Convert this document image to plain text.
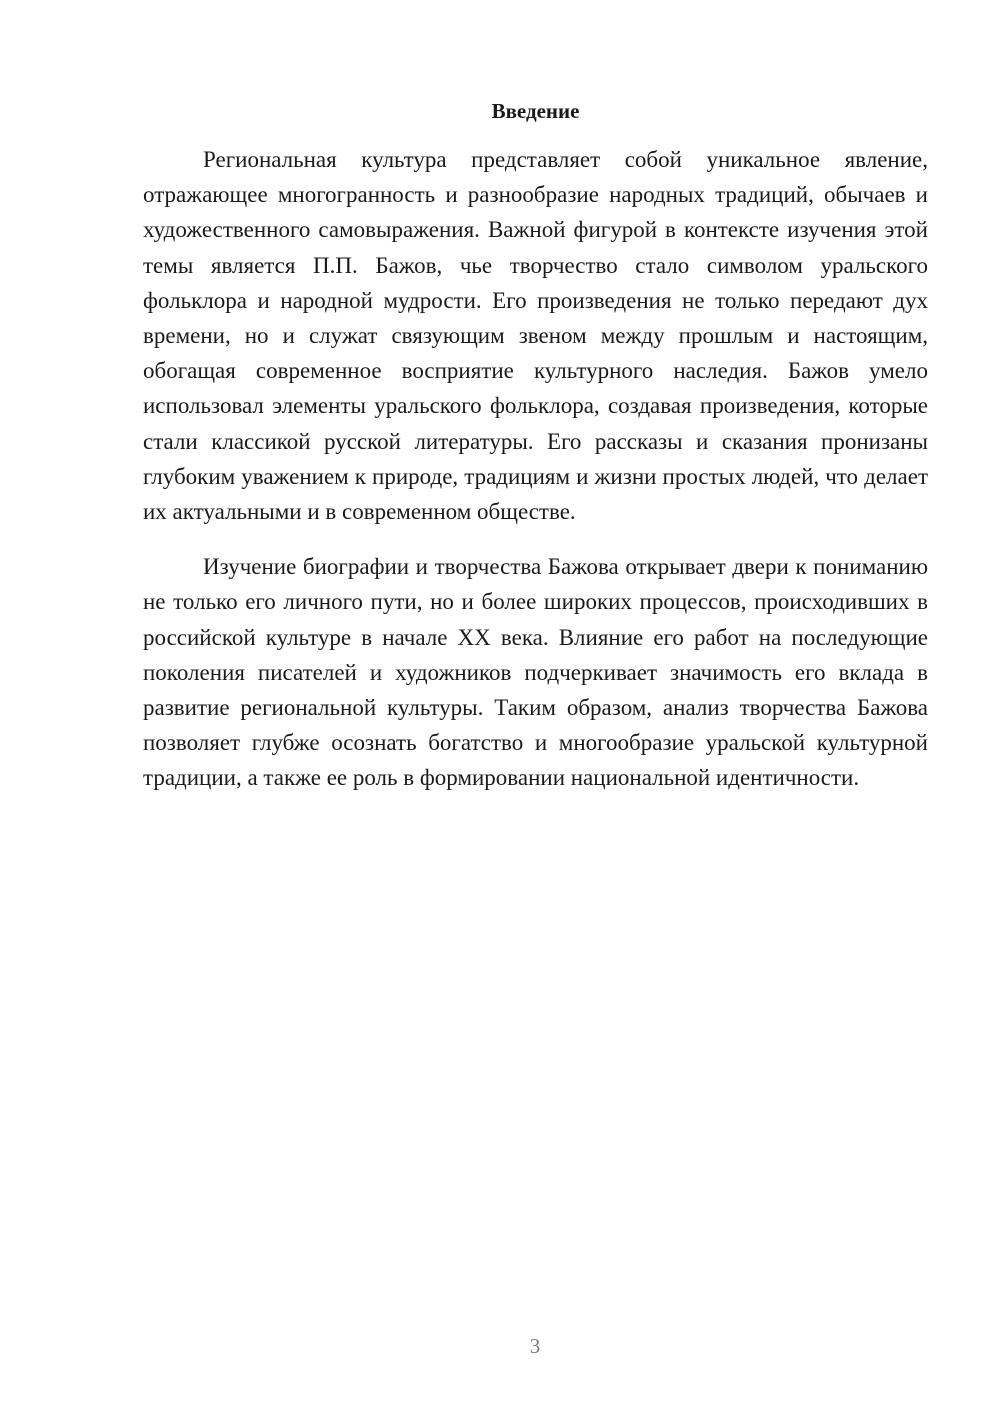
Введение

Региональная культура представляет собой уникальное явление, отражающее многогранность и разнообразие народных традиций, обычаев и художественного самовыражения. Важной фигурой в контексте изучения этой темы является П.П. Бажов, чье творчество стало символом уральского фольклора и народной мудрости. Его произведения не только передают дух времени, но и служат связующим звеном между прошлым и настоящим, обогащая современное восприятие культурного наследия. Бажов умело использовал элементы уральского фольклора, создавая произведения, которые стали классикой русской литературы. Его рассказы и сказания пронизаны глубоким уважением к природе, традициям и жизни простых людей, что делает их актуальными и в современном обществе.

Изучение биографии и творчества Бажова открывает двери к пониманию не только его личного пути, но и более широких процессов, происходивших в российской культуре в начале XX века. Влияние его работ на последующие поколения писателей и художников подчеркивает значимость его вклада в развитие региональной культуры. Таким образом, анализ творчества Бажова позволяет глубже осознать богатство и многообразие уральской культурной традиции, а также ее роль в формировании национальной идентичности.

3
